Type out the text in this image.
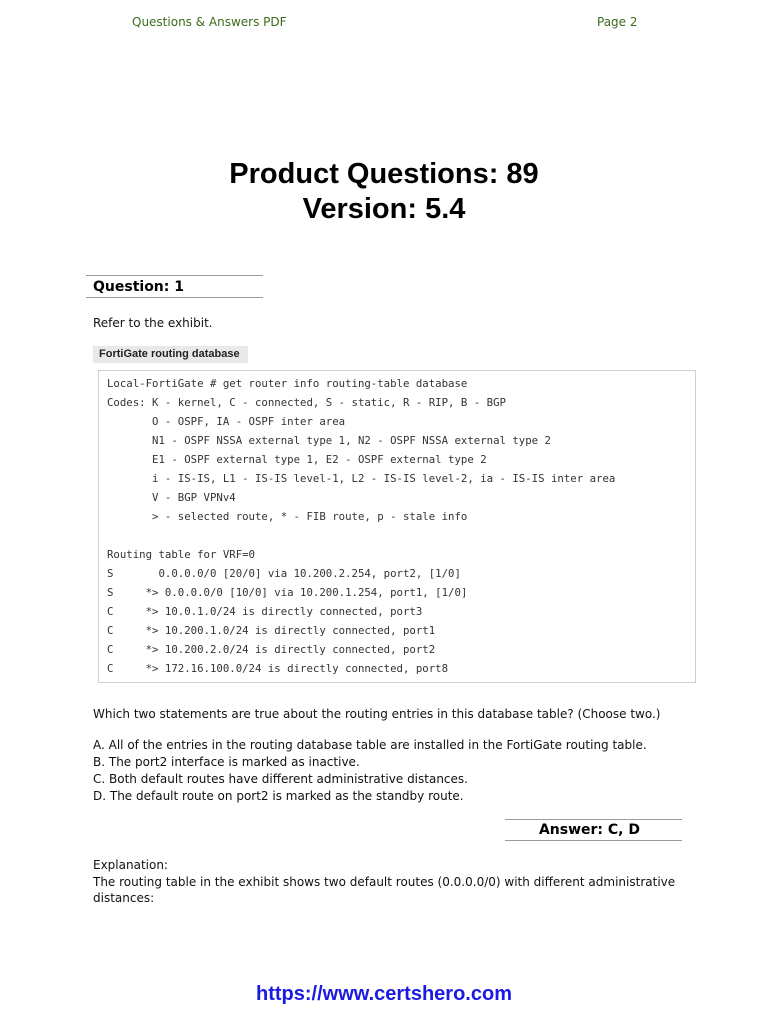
Questions & Answers PDF	Page 2
Product Questions: 89
Version: 5.4
Question: 1
Refer to the exhibit.
FortiGate routing database
Local-FortiGate # get router info routing-table database
Codes: K - kernel, C - connected, S - static, R - RIP, B - BGP
O - OSPF, IA - OSPF inter area
N1 - OSPF NSSA external type 1, N2 - OSPF NSSA external type 2
E1 - OSPF external type 1, E2 - OSPF external type 2
i - IS-IS, L1 - IS-IS level-1, L2 - IS-IS level-2, ia - IS-IS inter area
V - BGP VPNv4
> - selected route, * - FIB route, p - stale info
Routing table for VRF=0
S       0.0.0.0/0 [20/0] via 10.200.2.254, port2, [1/0]
S     *> 0.0.0.0/0 [10/0] via 10.200.1.254, port1, [1/0]
C     *> 10.0.1.0/24 is directly connected, port3
C     *> 10.200.1.0/24 is directly connected, port1
C     *> 10.200.2.0/24 is directly connected, port2
C     *> 172.16.100.0/24 is directly connected, port8
Which two statements are true about the routing entries in this database table? (Choose two.)
A. All of the entries in the routing database table are installed in the FortiGate routing table.
B. The port2 interface is marked as inactive.
C. Both default routes have different administrative distances.
D. The default route on port2 is marked as the standby route.
Answer: C, D
Explanation:
The routing table in the exhibit shows two default routes (0.0.0.0/0) with different administrative
distances:
https://www.certshero.com
